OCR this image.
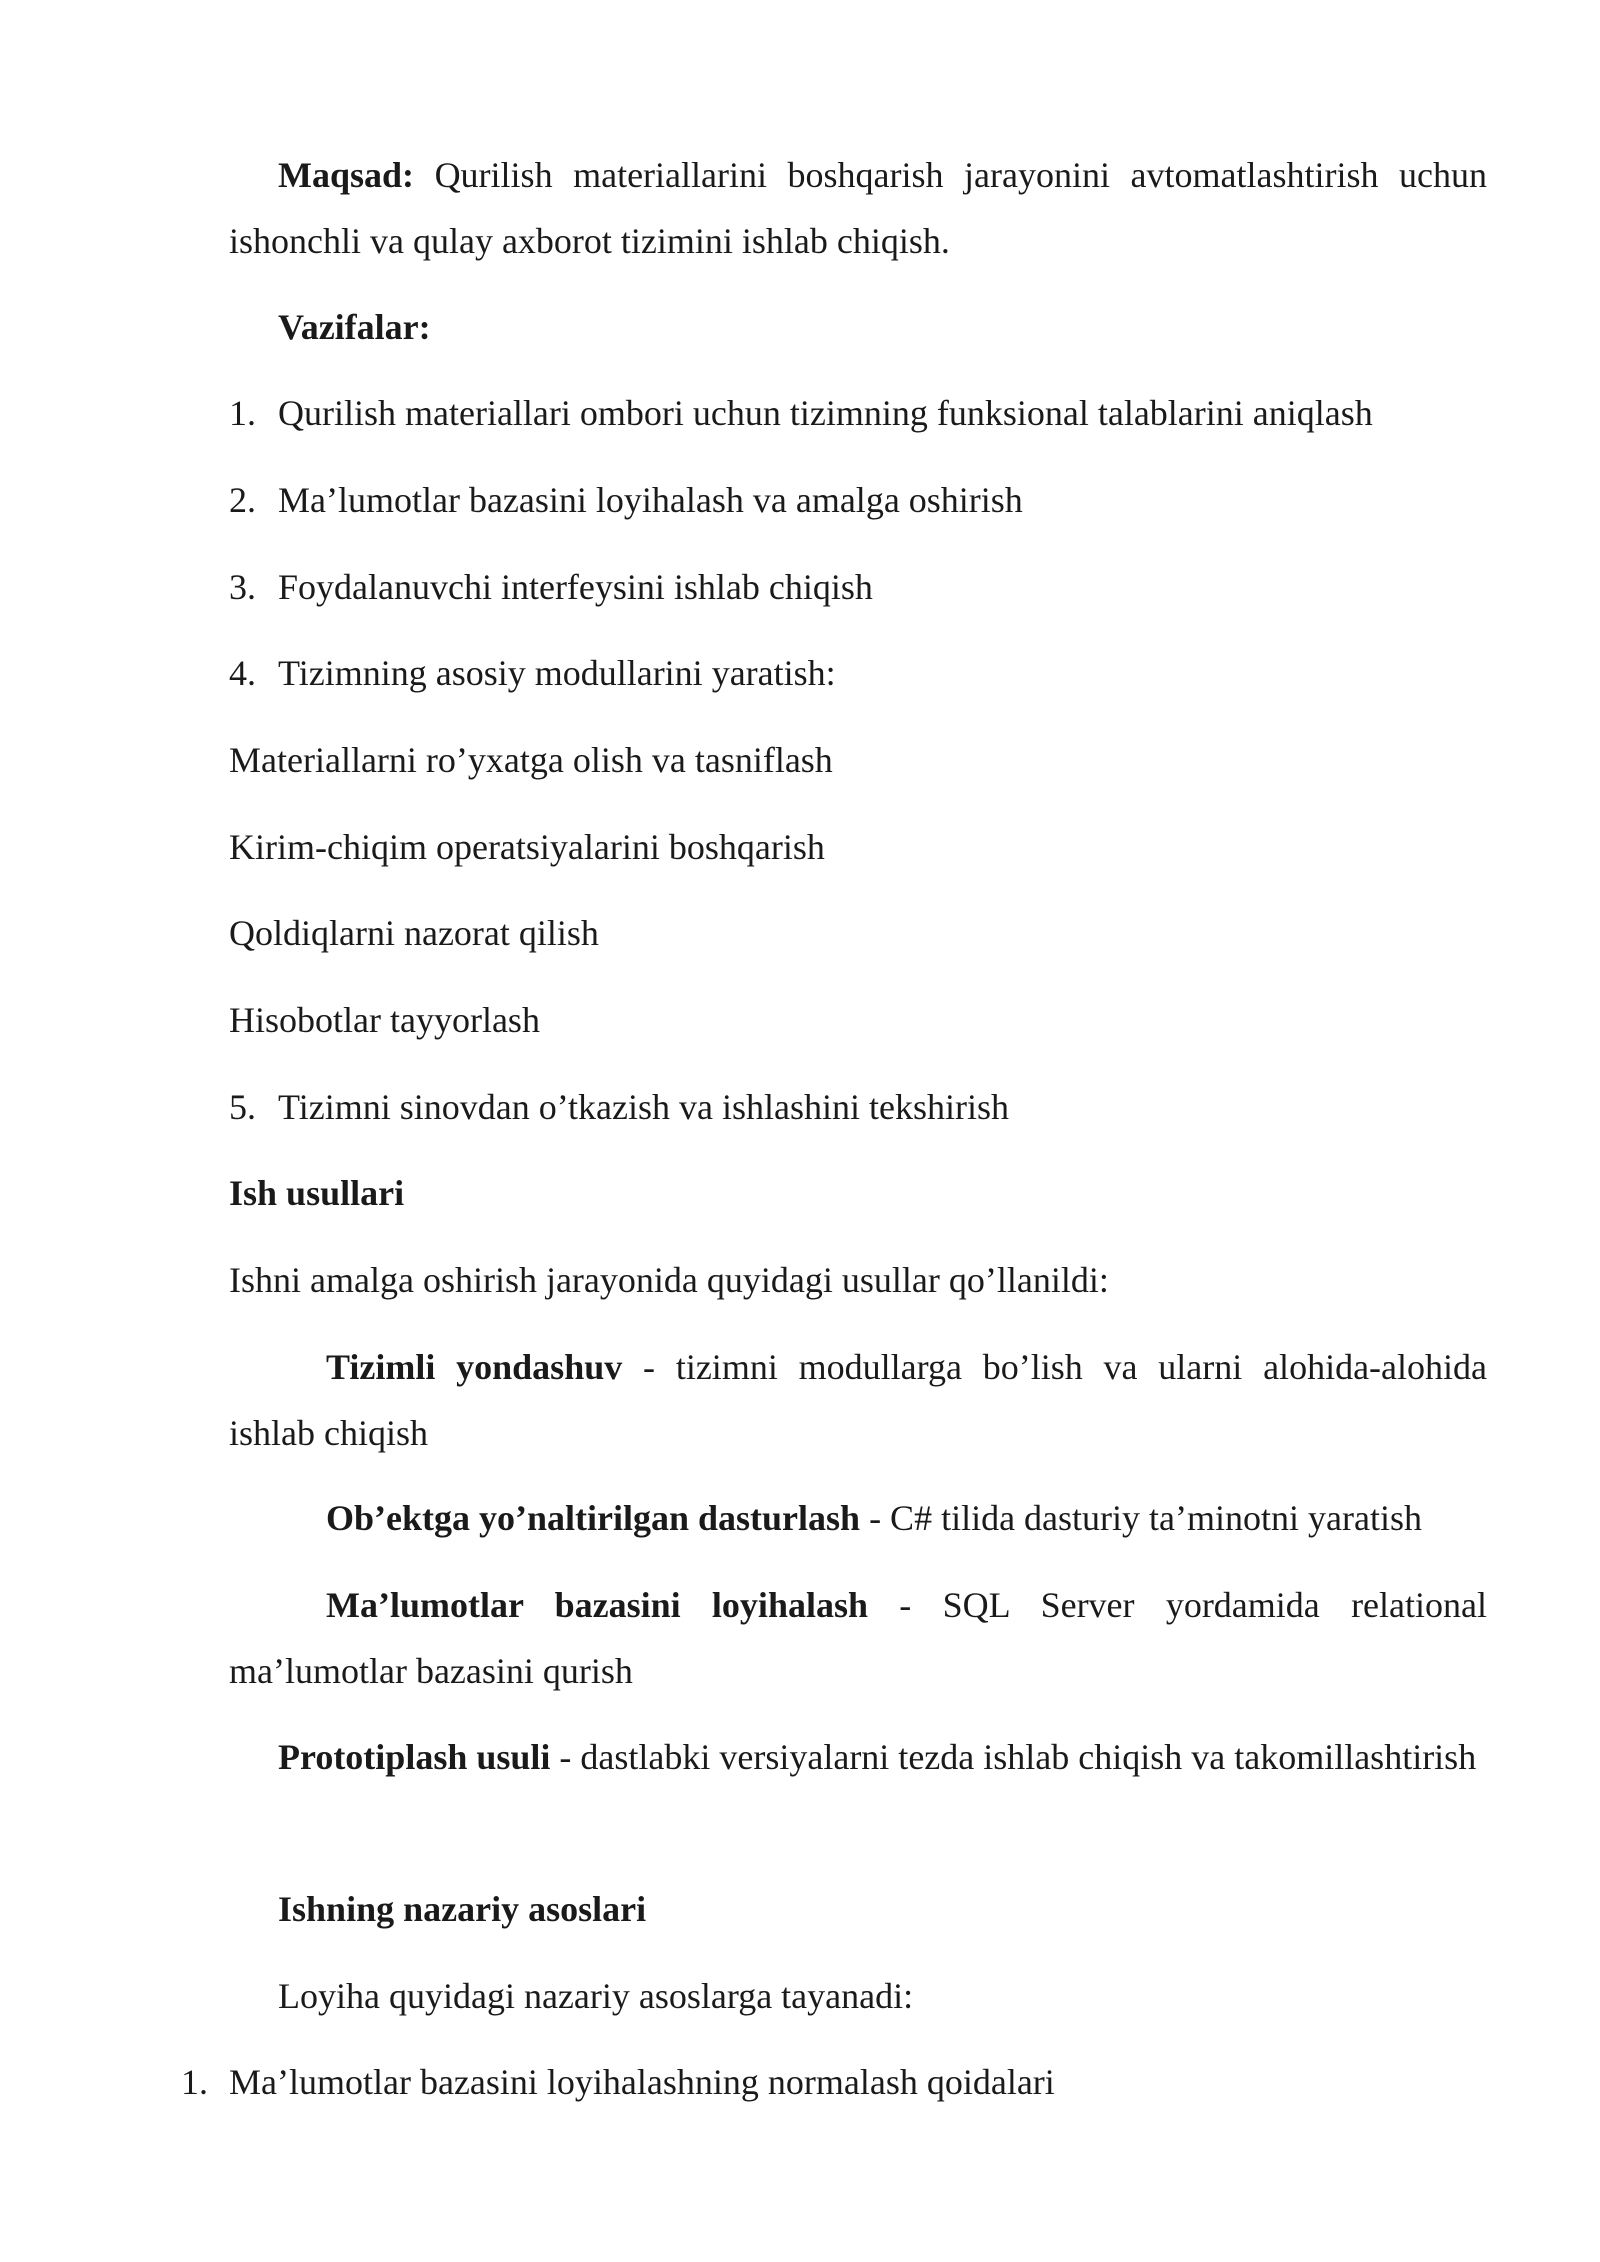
Maqsad: Qurilish materiallarini boshqarish jarayonini avtomatlashtirish uchun ishonchli va qulay axborot tizimini ishlab chiqish.

Vazifalar:

1. Qurilish materiallari ombori uchun tizimning funksional talablarini aniqlash

2. Ma’lumotlar bazasini loyihalash va amalga oshirish

3. Foydalanuvchi interfeysini ishlab chiqish

4. Tizimning asosiy modullarini yaratish:

Materiallarni ro’yxatga olish va tasniflash

Kirim-chiqim operatsiyalarini boshqarish

Qoldiqlarni nazorat qilish

Hisobotlar tayyorlash

5. Tizimni sinovdan o’tkazish va ishlashini tekshirish

Ish usullari

Ishni amalga oshirish jarayonida quyidagi usullar qo’llanildi:

Tizimli yondashuv - tizimni modullarga bo’lish va ularni alohida-alohida ishlab chiqish

Ob’ektga yo’naltirilgan dasturlash - C# tilida dasturiy ta’minotni yaratish

Ma’lumotlar bazasini loyihalash - SQL Server yordamida relational ma’lumotlar bazasini qurish

Prototiplash usuli - dastlabki versiyalarni tezda ishlab chiqish va takomillashtirish

Ishning nazariy asoslari

Loyiha quyidagi nazariy asoslarga tayanadi:

1. Ma’lumotlar bazasini loyihalashning normalash qoidalari
